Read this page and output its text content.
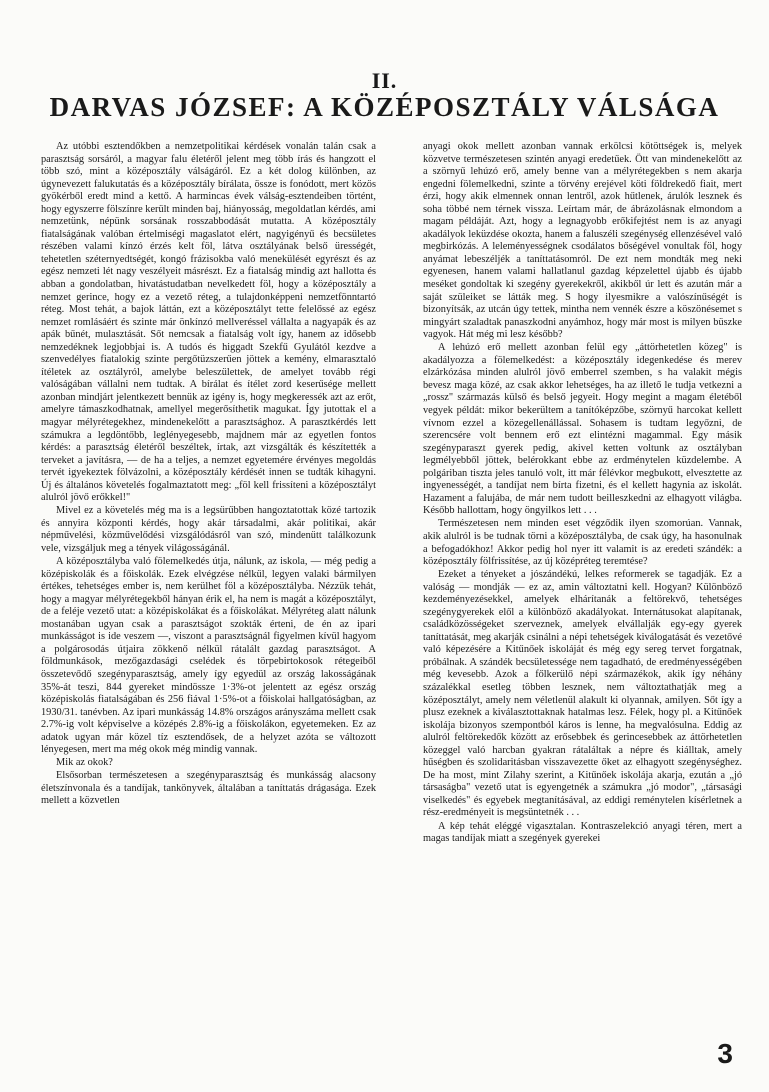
II.
DARVAS JÓZSEF: A KÖZÉPOSZTÁLY VÁLSÁGA

Az utóbbi esztendőkben a nemzetpolitikai kérdések vonalán talán csak a parasztság sorsáról, a magyar falu életéről jelent meg több írás és hangzott el több szó, mint a középosztály válságáról. Ez a két dolog különben, az úgynevezett falukutatás és a középosztály bírálata, össze is fonódott, mert közös gyökérből eredt mind a kettő. A harmincas évek válság-esztendeiben történt, hogy egyszerre fölszínre került minden baj, hiányosság, megoldatlan kérdés, ami nemzetünk, népünk sorsának rosszabbodását mutatta. A középosztály fiatalságának valóban értelmiségi magaslatot elért, nagyigényű és becsületes részében valami kínzó érzés kelt föl, látva osztályának belső ürességét, tehetetlen széternyedtségét, kongó frázisokba való menekülését egyrészt és az egész nemzeti lét nagy veszélyeit másrészt. Ez a fiatalság mindig azt hallotta és abban a gondolatban, hivatástudatban nevelkedett föl, hogy a középosztály a nemzet gerince, hogy ez a vezető réteg, a tulajdonképpeni nemzetfönntartó réteg. Most tehát, a bajok láttán, ezt a középosztályt tette felelőssé az egész nemzet romlásáért és szinte már önkínzó mellveréssel vállalta a nagyapák és az apák bűnét, mulasztását. Sőt nemcsak a fiatalság volt így, hanem az idősebb nemzedéknek legjobbjai is. A tudós és higgadt Szekfű Gyulától kezdve a szenvedélyes fiatalokig szinte pergőtüzszerűen jöttek a kemény, elmarasztaló ítéletek az osztályról, amelybe beleszülettek, de amelyet tovább régi valóságában vállalni nem tudtak. A bírálat és ítélet zord keserűsége mellett azonban mindjárt jelentkezett bennük az igény is, hogy megkeressék azt az erőt, amelyre támaszkodhatnak, amellyel megerősíthetik magukat. Így jutottak el a magyar mélyrétegekhez, mindenekelőtt a parasztsághoz. A parasztkérdés lett számukra a legdöntőbb, leglényegesebb, majdnem már az egyetlen fontos kérdés: a parasztság életéről beszéltek, írtak, azt vizsgálták és készítették a terveket a javításra, — de ha a teljes, a nemzet egyetemére érvényes megoldás tervét igyekeztek fölvázolni, a középosztály kérdését innen se tudták kihagyni. Új és általános követelés fogalmaztatott meg: „föl kell frissíteni a középosztályt alulról jövő erőkkel!"

Mivel ez a követelés még ma is a legsürűbben hangoztatottak közé tartozik és annyira központi kérdés, hogy akár társadalmi, akár politikai, akár népművelési, közművelődési vizsgálódásról van szó, mindenütt találkozunk vele, vizsgáljuk meg a tények világosságánál.

A középosztályba való fölemelkedés útja, nálunk, az iskola, — még pedig a középiskolák és a főiskolák. Ezek elvégzése nélkül, legyen valaki bármilyen értékes, tehetséges ember is, nem kerülhet föl a középosztályba. Nézzük tehát, hogy a magyar mélyrétegekből hányan érik el, ha nem is magát a középosztályt, de a feléje vezető utat: a középiskolákat és a főiskolákat. Mélyréteg alatt nálunk mostanában ugyan csak a parasztságot szokták érteni, de én az ipari munkásságot is ide veszem —, viszont a parasztságnál figyelmen kívül hagyom a polgárosodás útjaira zökkenő nélkül rátalált gazdag parasztságot. A földmunkások, mezőgazdasági cselédek és törpebirtokosok rétegeiből összetevődő szegényparasztság, amely így egyedül az ország lakosságának 35%-át teszi, 844 gyereket mindössze 1·3%-ot jelentett az egész ország középiskolás fiatalságában és 256 fiával 1·5%-ot a főiskolai hallgatóságban, az 1930/31. tanévben. Az ipari munkásság 14.8% országos arányszáma mellett csak 2.7%-ig volt képviselve a középés 2.8%-ig a főiskolákon, egyetemeken. Ez az adatok ugyan már közel tíz esztendősek, de a helyzet azóta se változott lényegesen, mert ma még okok még mindig vannak.

Mik az okok?

Elsősorban természetesen a szegényparasztság és munkásság alacsony életszínvonala és a tandíjak, tankönyvek, általában a taníttatás drágasága. Ezek mellett a közvetlen

anyagi okok mellett azonban vannak erkölcsi kötöttségek is, melyek közvetve természetesen szintén anyagi eredetűek. Ött van mindenekelőtt az a szörnyű lehúzó erő, amely benne van a mélyrétegekben s nem akarja engedni fölemelkedni, szinte a törvény erejével köti földrekedő fiait, mert érzi, hogy akik elmennek onnan lentről, azok hűtlenek, árulók lesznek és soha többé nem térnek vissza. Leírtam már, de ábrázolásnak elmondom a magam példáját. Azt, hogy a legnagyobb erőkifejtést nem is az anyagi akadályok leküzdése okozta, hanem a faluszéli szegénység ellenzésével való megbirkózás. A leleményességnek csodálatos bőségével vonultak föl, hogy anyámat lebeszéljék a taníttatásomról. De ezt nem mondták meg neki egyenesen, hanem valami hallatlanul gazdag képzelettel újabb és újabb meséket gondoltak ki szegény gyerekekről, akikből úr lett és azután már a saját szüleiket se látták meg. S hogy ilyesmikre a valószínűségét is bizonyítsák, az utcán úgy tettek, mintha nem vennék észre a köszönésemet s mingyárt szaladtak panaszkodni anyámhoz, hogy már most is milyen büszke vagyok. Hát még mi lesz később?

A lehúzó erő mellett azonban felül egy „áttörhetetlen közeg" is akadályozza a fölemelkedést: a középosztály idegenkedése és merev elzárkózása minden alulról jövő emberrel szemben, s ha valakit mégis bevesz maga közé, az csak akkor lehetséges, ha az illető le tudja vetkezni a „rossz" származás külső és belső jegyeit. Hogy megint a magam életéből vegyek példát: mikor bekerültem a tanítóképzőbe, szörnyű harcokat kellett vívnom ezzel a közegellenállással. Sohasem is tudtam legyőzni, de szerencsére volt bennem erő ezt elintézni magammal. Egy másik szegényparaszt gyerek pedig, akivel ketten voltunk az osztályban legmélyebből jöttek, belérokkant ebbe az erdménytelen küzdelembe. A polgáriban tiszta jeles tanuló volt, itt már félévkor megbukott, elvesztette az ingyenességét, a tandíjat nem bírta fizetni, és el kellett hagynia az iskolát. Hazament a falujába, de már nem tudott beilleszkedni az elhagyott világba. Később hallottam, hogy öngyilkos lett . . .

Természetesen nem minden eset végződik ilyen szomorúan. Vannak, akik alulról is be tudnak törni a középosztályba, de csak úgy, ha hasonulnak a befogadókhoz! Akkor pedig hol nyer itt valamit is az eredeti szándék: a középosztály fölfrissítése, az új középréteg teremtése?

Ezeket a tényeket a jószándékú, lelkes reformerek se tagadják. Ez a valóság — mondják — ez az, amin változtatni kell. Hogyan? Különböző kezdeményezésekkel, amelyek elhárítanák a feltörekvő, tehetséges szegénygyerekek elől a különböző akadályokat. Internátusokat alapítanak, családközösségeket szerveznek, amelyek elvállalják egy-egy gyerek taníttatását, meg akarják csinálni a népi tehetségek kiválogatását és vezetővé való képezésére a Kitűnőek iskoláját és még egy sereg tervet forgatnak, próbálnak. A szándék becsületessége nem tagadható, de eredményességében még kevesebb. Azok a főlkerülő népi származékok, akik így néhány százalékkal esetleg többen lesznek, nem változtathatják meg a középosztályt, amely nem véletlenül alakult ki olyannak, amilyen. Sőt így a plusz ezeknek a kiválasztottaknak hatalmas lesz. Félek, hogy pl. a Kitűnőek iskolája bizonyos szempontból káros is lenne, ha megvalósulna. Eddig az alulról feltörekedők között az erősebbek és gerincesebbek az áttörhetetlen közeggel való harcban gyakran rátaláltak a népre és kiálltak, amely hűségben és szolidaritásban visszavezette őket az elhagyott szegénységhez. De ha most, mint Zilahy szerint, a Kitűnőek iskolája akarja, ezután a „jó társaságba" vezető utat is egyengetnék a számukra „jó modor", „társasági viselkedés" és egyebek megtanításával, az eddigi reménytelen kísérletnek a rész-eredményeit is megsüntetnék . . .

A kép tehát eléggé vigasztalan. Kontraszelekció anyagi téren, mert a magas tandíjak miatt a szegények gyerekei

3
